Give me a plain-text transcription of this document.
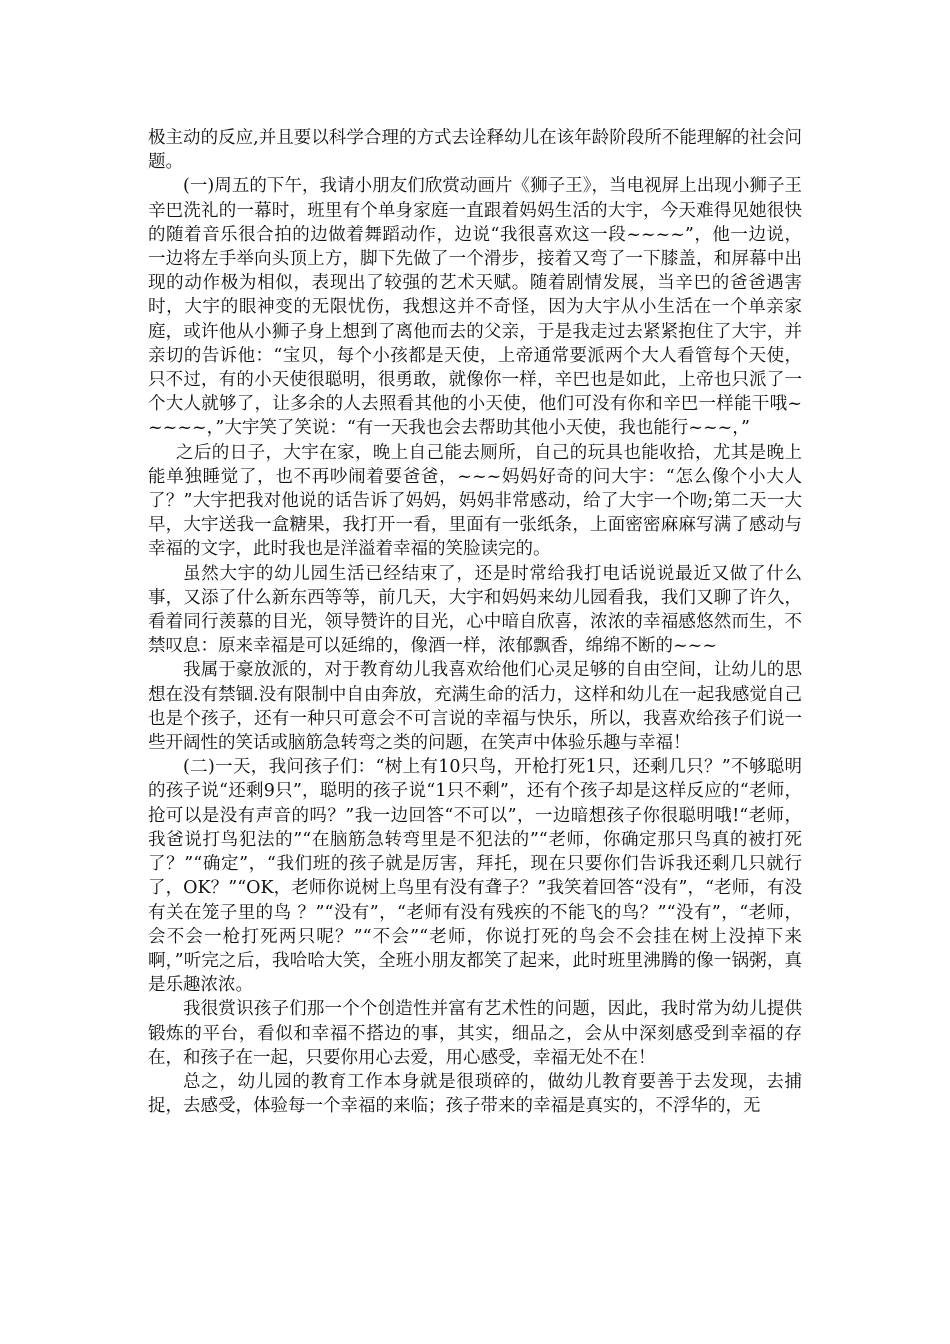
极主动的反应,并且要以科学合理的方式去诠释幼儿在该年龄阶段所不能理解的社会问题。

(一)周五的下午，我请小朋友们欣赏动画片《狮子王》，当电视屏上出现小狮子王辛巴洗礼的一幕时，班里有个单身家庭一直跟着妈妈生活的大宇，今天难得见她很快的随着音乐很合拍的边做着舞蹈动作，边说“我很喜欢这一段~~~~”，他一边说，一边将左手举向头顶上方，脚下先做了一个滑步，接着又弯了一下膝盖，和屏幕中出现的动作极为相似，表现出了较强的艺术天赋。随着剧情发展，当辛巴的爸爸遇害时，大宇的眼神变的无限忧伤，我想这并不奇怪，因为大宇从小生活在一个单亲家庭，或许他从小狮子身上想到了离他而去的父亲，于是我走过去紧紧抱住了大宇，并亲切的告诉他：“宝贝，每个小孩都是天使，上帝通常要派两个大人看管每个天使，只不过，有的小天使很聪明，很勇敢，就像你一样，辛巴也是如此，上帝也只派了一个大人就够了，让多余的人去照看其他的小天使，他们可没有你和辛巴一样能干哦~~~~~，”大宇笑了笑说：“有一天我也会去帮助其他小天使，我也能行~~~，”

之后的日子，大宇在家，晚上自己能去厕所，自己的玩具也能收拾，尤其是晚上能单独睡觉了，也不再吵闹着要爸爸，~~~妈妈好奇的问大宇：“怎么像个小大人了？”大宇把我对他说的话告诉了妈妈，妈妈非常感动，给了大宇一个吻;第二天一大早，大宇送我一盒糖果，我打开一看，里面有一张纸条，上面密密麻麻写满了感动与幸福的文字，此时我也是洋溢着幸福的笑脸读完的。

虽然大宇的幼儿园生活已经结束了，还是时常给我打电话说说最近又做了什么事，又添了什么新东西等等，前几天，大宇和妈妈来幼儿园看我，我们又聊了许久，看着同行羡慕的目光，领导赞许的目光，心中暗自欣喜，浓浓的幸福感悠然而生，不禁叹息：原来幸福是可以延绵的，像酒一样，浓郁飘香，绵绵不断的~~~

我属于豪放派的，对于教育幼儿我喜欢给他们心灵足够的自由空间，让幼儿的思想在没有禁锢.没有限制中自由奔放，充满生命的活力，这样和幼儿在一起我感觉自己也是个孩子，还有一种只可意会不可言说的幸福与快乐，所以，我喜欢给孩子们说一些开阔性的笑话或脑筋急转弯之类的问题，在笑声中体验乐趣与幸福！

(二)一天，我问孩子们：“树上有10只鸟，开枪打死1只，还剩几只？”不够聪明的孩子说“还剩9只”，聪明的孩子说“1只不剩”，还有个孩子却是这样反应的“老师，抢可以是没有声音的吗？”我一边回答“不可以”，一边暗想孩子你很聪明哦!“老师，我爸说打鸟犯法的”“在脑筋急转弯里是不犯法的”“老师，你确定那只鸟真的被打死了？”“确定”，“我们班的孩子就是厉害，拜托，现在只要你们告诉我还剩几只就行了，OK？”“OK，老师你说树上鸟里有没有聋子？”我笑着回答“没有”，“老师，有没有关在笼子里的鸟 ？”“没有”，“老师有没有残疾的不能飞的鸟？”“没有”，“老师，会不会一枪打死两只呢？”“不会”“老师，你说打死的鸟会不会挂在树上没掉下来啊，”听完之后，我哈哈大笑，全班小朋友都笑了起来，此时班里沸腾的像一锅粥，真是乐趣浓浓。

我很赏识孩子们那一个个创造性并富有艺术性的问题，因此，我时常为幼儿提供锻炼的平台，看似和幸福不搭边的事，其实，细品之，会从中深刻感受到幸福的存在，和孩子在一起，只要你用心去爱，用心感受，幸福无处不在！

总之，幼儿园的教育工作本身就是很琐碎的，做幼儿教育要善于去发现，去捕捉，去感受，体验每一个幸福的来临；孩子带来的幸福是真实的，不浮华的，无
